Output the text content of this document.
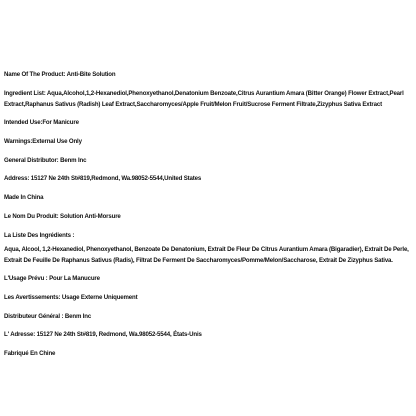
Name Of The Product: Anti-Bite Solution

Ingredient List: Aqua,Alcohol,1,2-Hexanediol,Phenoxyethanol,Denatonium Benzoate,Citrus Aurantium Amara (Bitter Orange) Flower Extract,Pearl Extract,Raphanus Sativus (Radish) Leaf Extract,Saccharomyces/Apple Fruit/Melon Fruit/Sucrose Ferment Filtrate,Zizyphus Sativa Extract

Intended Use:For Manicure

Warnings:External Use Only

General Distributor: Benm Inc

Address: 15127 Ne 24th St#819,Redmond, Wa.98052-5544,United States

Made In China

Le Nom Du Produit: Solution Anti-Morsure

La Liste Des Ingrédients :

Aqua, Alcool, 1,2-Hexanediol, Phenoxyethanol, Benzoate De Denatonium, Extrait De Fleur De Citrus Aurantium Amara (Bigaradier), Extrait De Perle, Extrait De Feuille De Raphanus Sativus (Radis), Filtrat De Ferment De Saccharomyces/Pomme/Melon/Saccharose, Extrait De Zizyphus Sativa.

L'Usage Prévu : Pour La Manucure

Les Avertissements: Usage Externe Uniquement

Distributeur Général : Benm Inc

L' Adresse: 15127 Ne 24th St#819, Redmond, Wa.98052-5544, États-Unis

Fabriqué En Chine
